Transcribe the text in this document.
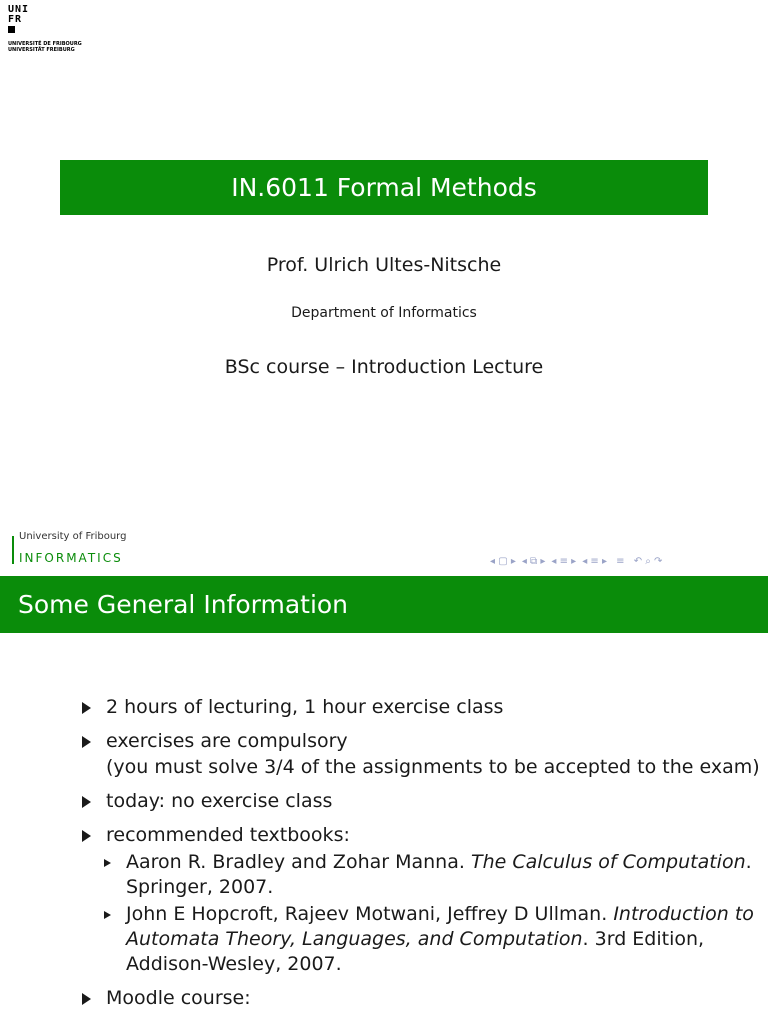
UNI
FR
UNIVERSITÉ DE FRIBOURG
UNIVERSITÄT FREIBURG
IN.6011 Formal Methods
Prof. Ulrich Ultes-Nitsche
Department of Informatics
BSc course – Introduction Lecture
University of Fribourg
INFORMATICS	◂ ▢ ▸ ◂ ⧉ ▸ ◂ ≡ ▸ ◂ ≡ ▸ ≡ ↶ ⌕ ↷
Some General Information
2 hours of lecturing, 1 hour exercise class
exercises are compulsory
(you must solve 3/4 of the assignments to be accepted to the exam)
today: no exercise class
recommended textbooks:
Aaron R. Bradley and Zohar Manna. The Calculus of Computation. Springer, 2007.
John E Hopcroft, Rajeev Motwani, Jeffrey D Ullman. Introduction to Automata Theory, Languages, and Computation. 3rd Edition, Addison-Wesley, 2007.
Moodle course:
